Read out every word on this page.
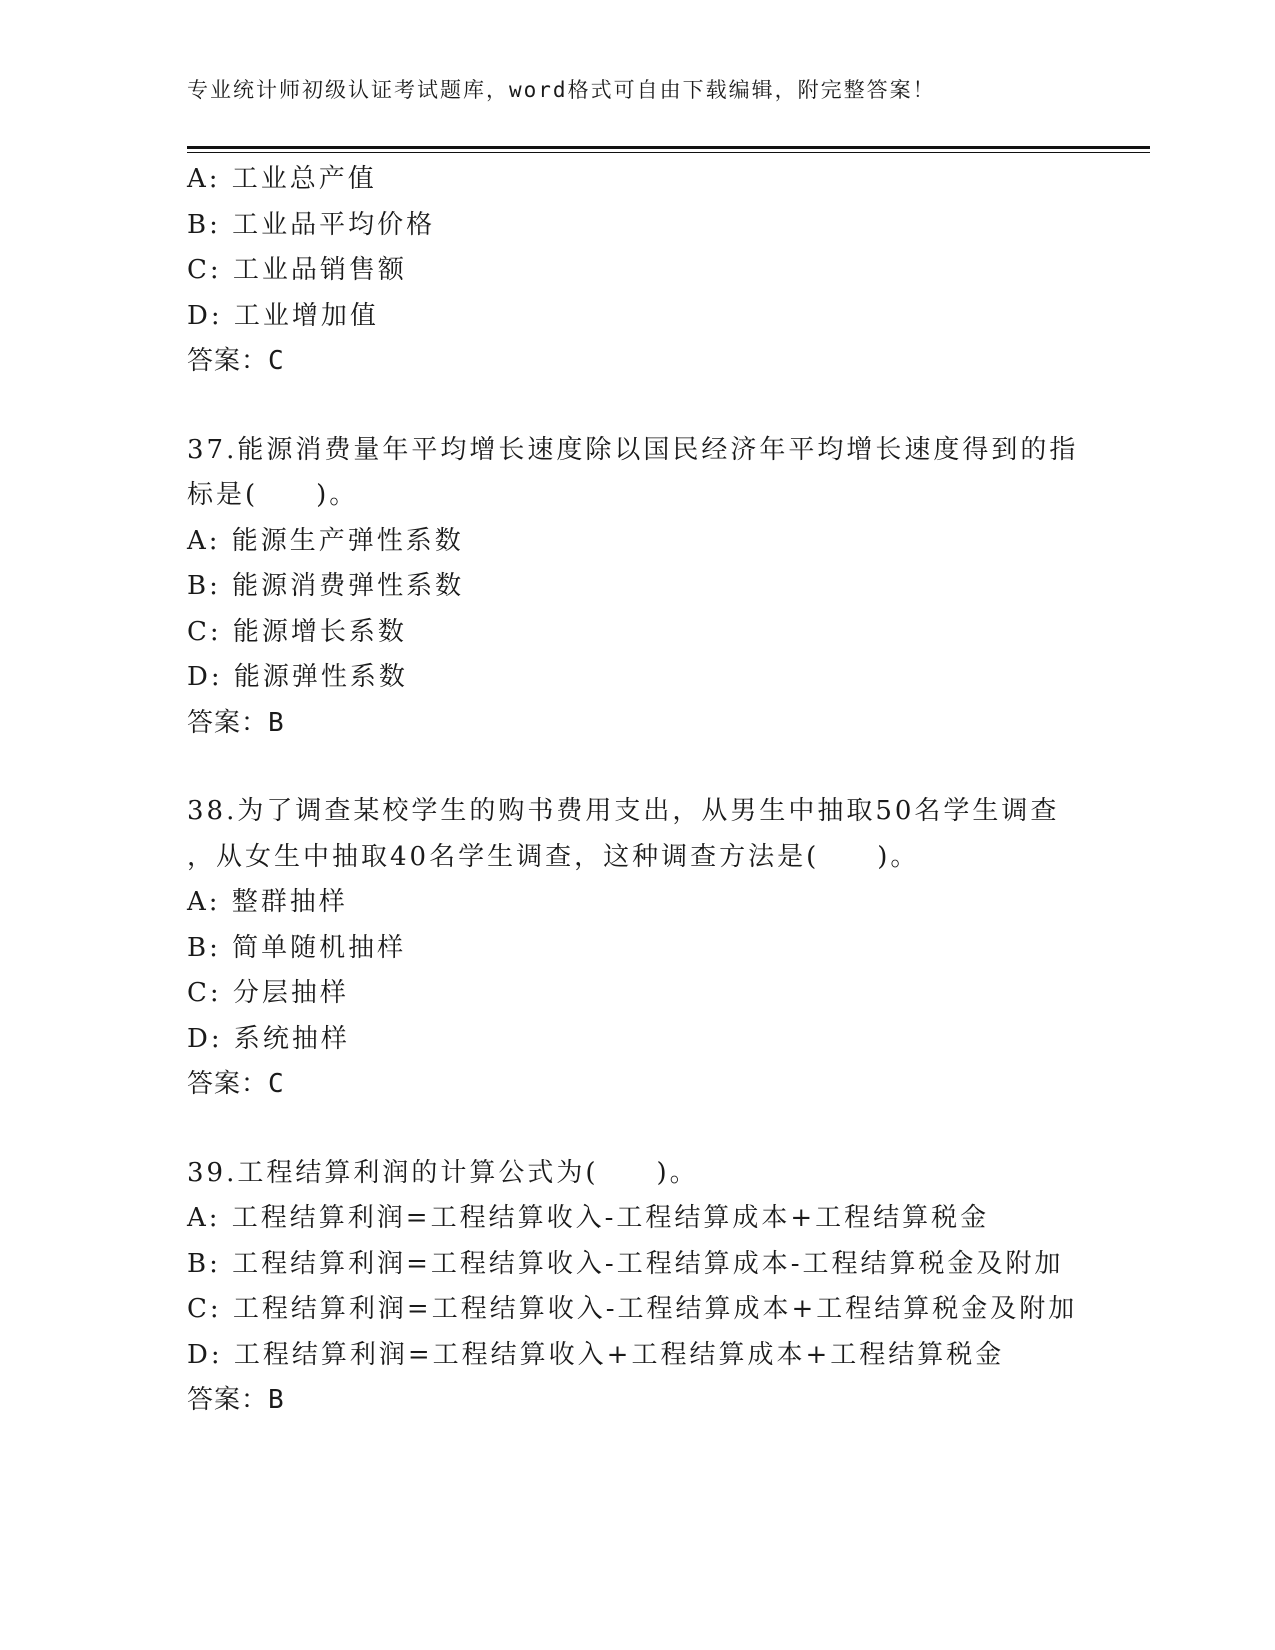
专业统计师初级认证考试题库，word格式可自由下载编辑，附完整答案！
A: 工业总产值
B: 工业品平均价格
C: 工业品销售额
D: 工业增加值
答案：C
37.能源消费量年平均增长速度除以国民经济年平均增长速度得到的指
标是(　　)。
A: 能源生产弹性系数
B: 能源消费弹性系数
C: 能源增长系数
D: 能源弹性系数
答案：B
38.为了调查某校学生的购书费用支出，从男生中抽取50名学生调查
，从女生中抽取40名学生调查，这种调查方法是(　　)。
A: 整群抽样
B: 简单随机抽样
C: 分层抽样
D: 系统抽样
答案：C
39.工程结算利润的计算公式为(　　)。
A: 工程结算利润=工程结算收入-工程结算成本+工程结算税金
B: 工程结算利润=工程结算收入-工程结算成本-工程结算税金及附加
C: 工程结算利润=工程结算收入-工程结算成本+工程结算税金及附加
D: 工程结算利润=工程结算收入+工程结算成本+工程结算税金
答案：B
